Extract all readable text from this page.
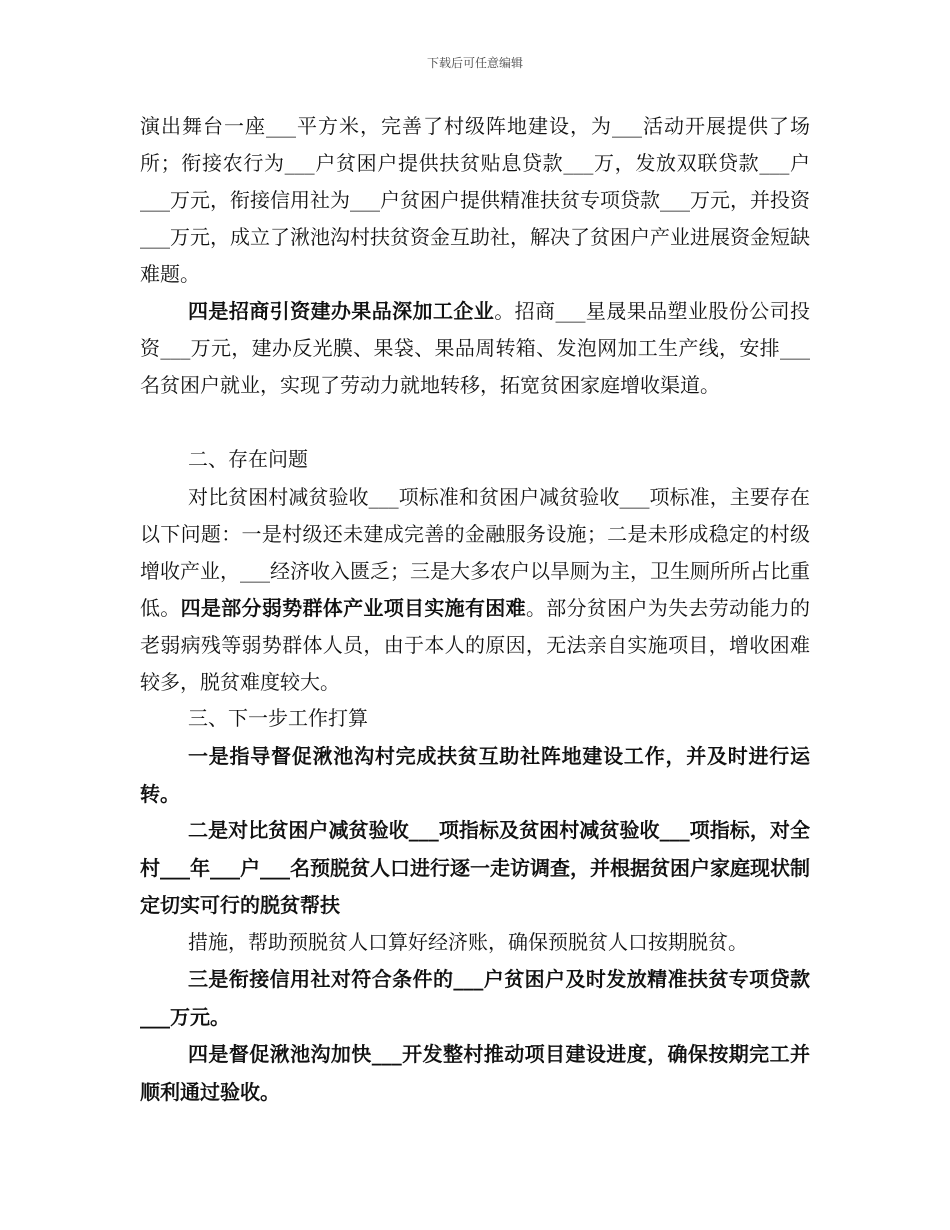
下载后可任意编辑

演出舞台一座___平方米，完善了村级阵地建设，为___活动开展提供了场所；衔接农行为___户贫困户提供扶贫贴息贷款___万，发放双联贷款___户___万元，衔接信用社为___户贫困户提供精准扶贫专项贷款___万元，并投资___万元，成立了湫池沟村扶贫资金互助社，解决了贫困户产业进展资金短缺难题。

四是招商引资建办果品深加工企业。招商___星晟果品塑业股份公司投资___万元，建办反光膜、果袋、果品周转箱、发泡网加工生产线，安排___名贫困户就业，实现了劳动力就地转移，拓宽贫困家庭增收渠道。

二、存在问题

对比贫困村减贫验收___项标准和贫困户减贫验收___项标准，主要存在以下问题：一是村级还未建成完善的金融服务设施；二是未形成稳定的村级增收产业，___经济收入匮乏；三是大多农户以旱厕为主，卫生厕所所占比重低。四是部分弱势群体产业项目实施有困难。部分贫困户为失去劳动能力的老弱病残等弱势群体人员，由于本人的原因，无法亲自实施项目，增收困难较多，脱贫难度较大。

三、下一步工作打算

一是指导督促湫池沟村完成扶贫互助社阵地建设工作，并及时进行运转。

二是对比贫困户减贫验收___项指标及贫困村减贫验收___项指标，对全村___年___户___名预脱贫人口进行逐一走访调查，并根据贫困户家庭现状制定切实可行的脱贫帮扶

措施，帮助预脱贫人口算好经济账，确保预脱贫人口按期脱贫。

三是衔接信用社对符合条件的___户贫困户及时发放精准扶贫专项贷款___万元。

四是督促湫池沟加快___开发整村推动项目建设进度，确保按期完工并顺利通过验收。
